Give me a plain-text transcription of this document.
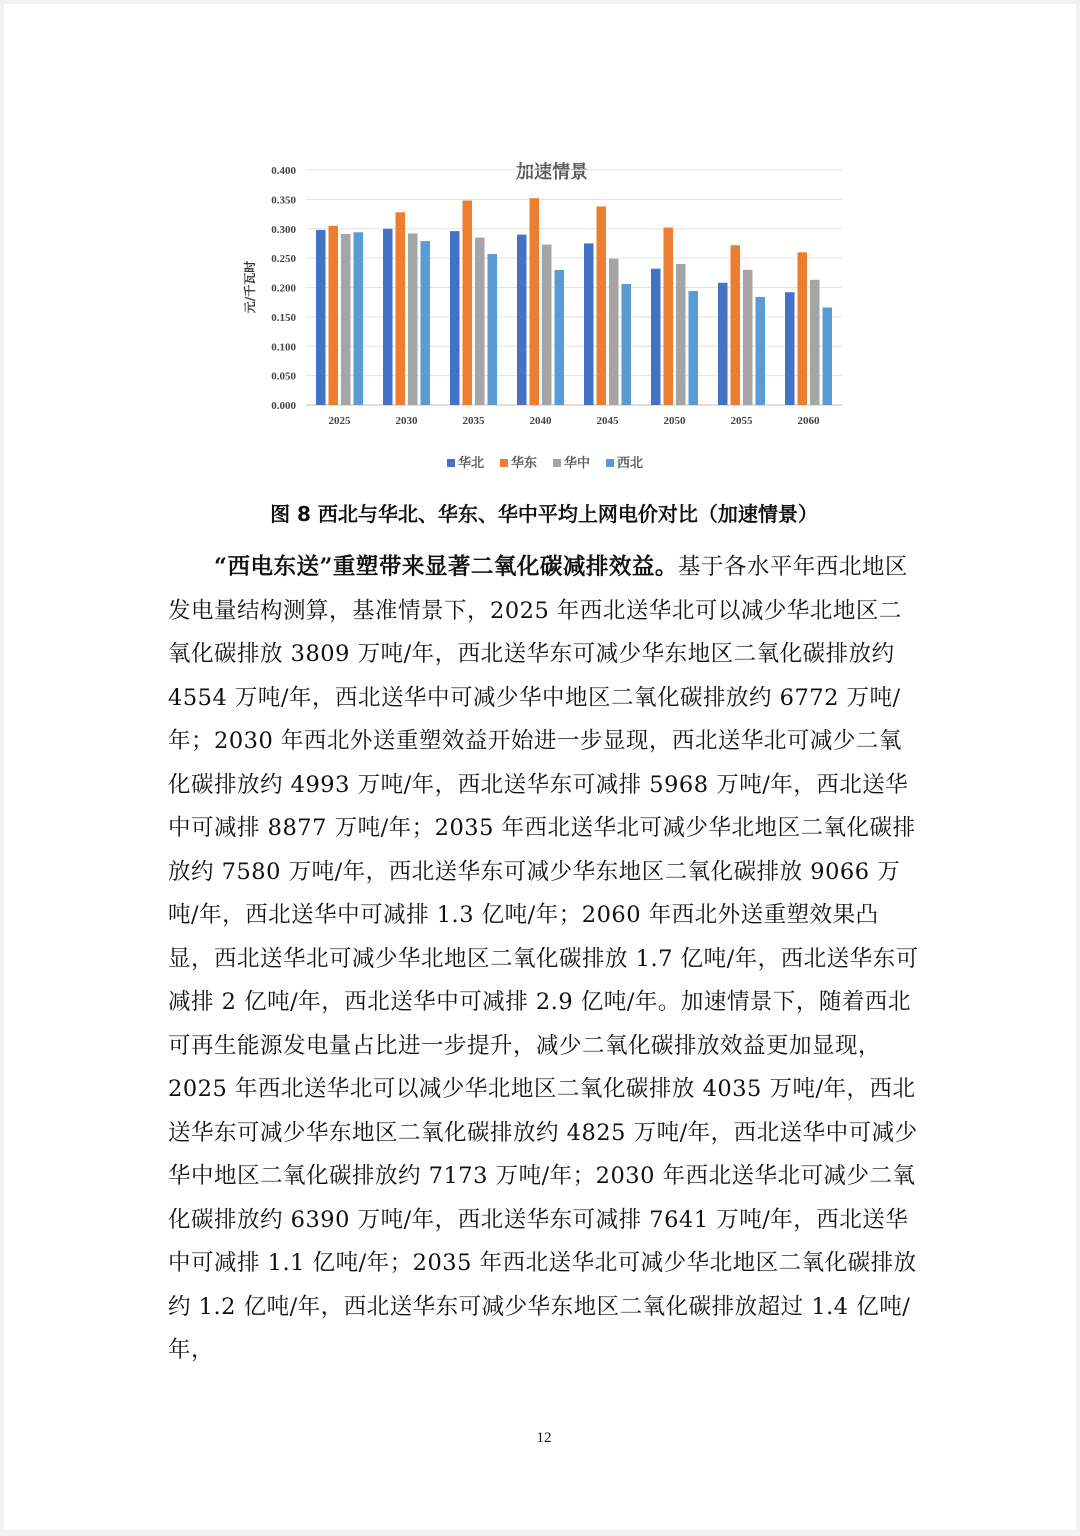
加速情景
元/千瓦时
0.000
0.050
0.100
0.150
0.200
0.250
0.300
0.350
0.400
2025	2030	2035	2040	2045	2050	2055	2060
华北 华东 华中 西北
图 8 西北与华北、华东、华中平均上网电价对比（加速情景）
“西电东送”重塑带来显著二氧化碳减排效益。基于各水平年西北地区发电量结构测算，基准情景下，2025 年西北送华北可以减少华北地区二氧化碳排放 3809 万吨/年，西北送华东可减少华东地区二氧化碳排放约 4554 万吨/年，西北送华中可减少华中地区二氧化碳排放约 6772 万吨/年；2030 年西北外送重塑效益开始进一步显现，西北送华北可减少二氧化碳排放约 4993 万吨/年，西北送华东可减排 5968 万吨/年，西北送华中可减排 8877 万吨/年；2035 年西北送华北可减少华北地区二氧化碳排放约 7580 万吨/年，西北送华东可减少华东地区二氧化碳排放 9066 万吨/年，西北送华中可减排 1.3 亿吨/年；2060 年西北外送重塑效果凸显，西北送华北可减少华北地区二氧化碳排放 1.7 亿吨/年，西北送华东可减排 2 亿吨/年，西北送华中可减排 2.9 亿吨/年。加速情景下，随着西北可再生能源发电量占比进一步提升，减少二氧化碳排放效益更加显现，2025 年西北送华北可以减少华北地区二氧化碳排放 4035 万吨/年，西北送华东可减少华东地区二氧化碳排放约 4825 万吨/年，西北送华中可减少华中地区二氧化碳排放约 7173 万吨/年；2030 年西北送华北可减少二氧化碳排放约 6390 万吨/年，西北送华东可减排 7641 万吨/年，西北送华中可减排 1.1 亿吨/年；2035 年西北送华北可减少华北地区二氧化碳排放约 1.2 亿吨/年，西北送华东可减少华东地区二氧化碳排放超过 1.4 亿吨/年，
12
